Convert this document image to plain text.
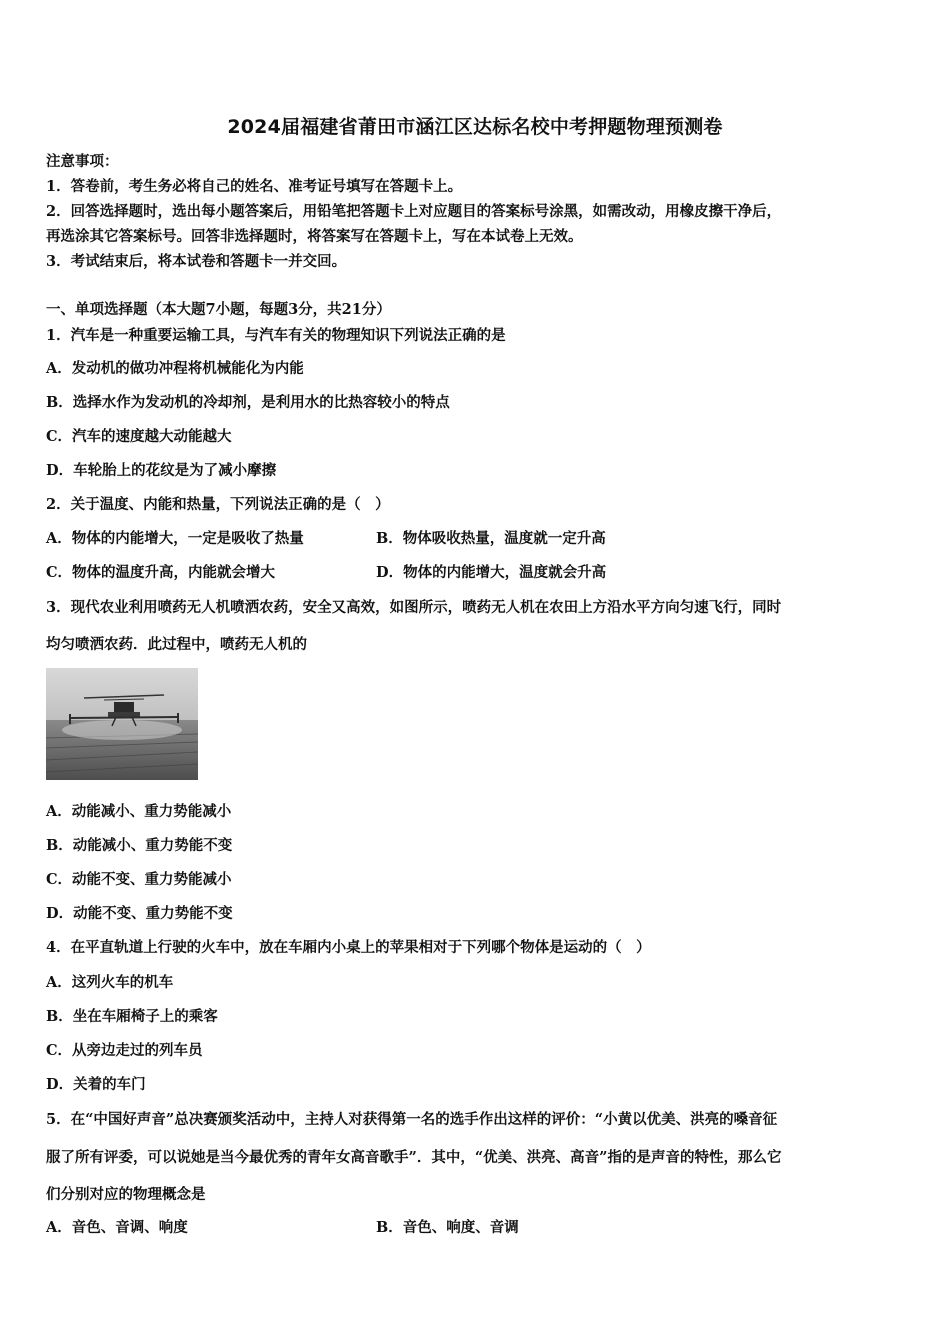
2024届福建省莆田市涵江区达标名校中考押题物理预测卷
注意事项：
1．答卷前，考生务必将自己的姓名、准考证号填写在答题卡上。
2．回答选择题时，选出每小题答案后，用铅笔把答题卡上对应题目的答案标号涂黑，如需改动，用橡皮擦干净后，
再选涂其它答案标号。回答非选择题时，将答案写在答题卡上，写在本试卷上无效。
3．考试结束后，将本试卷和答题卡一并交回。
一、单项选择题（本大题7小题，每题3分，共21分）
1．汽车是一种重要运输工具，与汽车有关的物理知识下列说法正确的是
A．发动机的做功冲程将机械能化为内能
B．选择水作为发动机的冷却剂，是利用水的比热容较小的特点
C．汽车的速度越大动能越大
D．车轮胎上的花纹是为了减小摩擦
2．关于温度、内能和热量，下列说法正确的是（　）
A．物体的内能增大，一定是吸收了热量	B．物体吸收热量，温度就一定升高
C．物体的温度升高，内能就会增大	D．物体的内能增大，温度就会升高
3．现代农业利用喷药无人机喷洒农药，安全又高效，如图所示，喷药无人机在农田上方沿水平方向匀速飞行，同时
均匀喷洒农药．此过程中，喷药无人机的
A．动能减小、重力势能减小
B．动能减小、重力势能不变
C．动能不变、重力势能减小
D．动能不变、重力势能不变
4．在平直轨道上行驶的火车中，放在车厢内小桌上的苹果相对于下列哪个物体是运动的（　）
A．这列火车的机车
B．坐在车厢椅子上的乘客
C．从旁边走过的列车员
D．关着的车门
5．在“中国好声音”总决赛颁奖活动中，主持人对获得第一名的选手作出这样的评价：“小黄以优美、洪亮的嗓音征
服了所有评委，可以说她是当今最优秀的青年女高音歌手”．其中，“优美、洪亮、高音”指的是声音的特性，那么它
们分别对应的物理概念是
A．音色、音调、响度	B．音色、响度、音调
